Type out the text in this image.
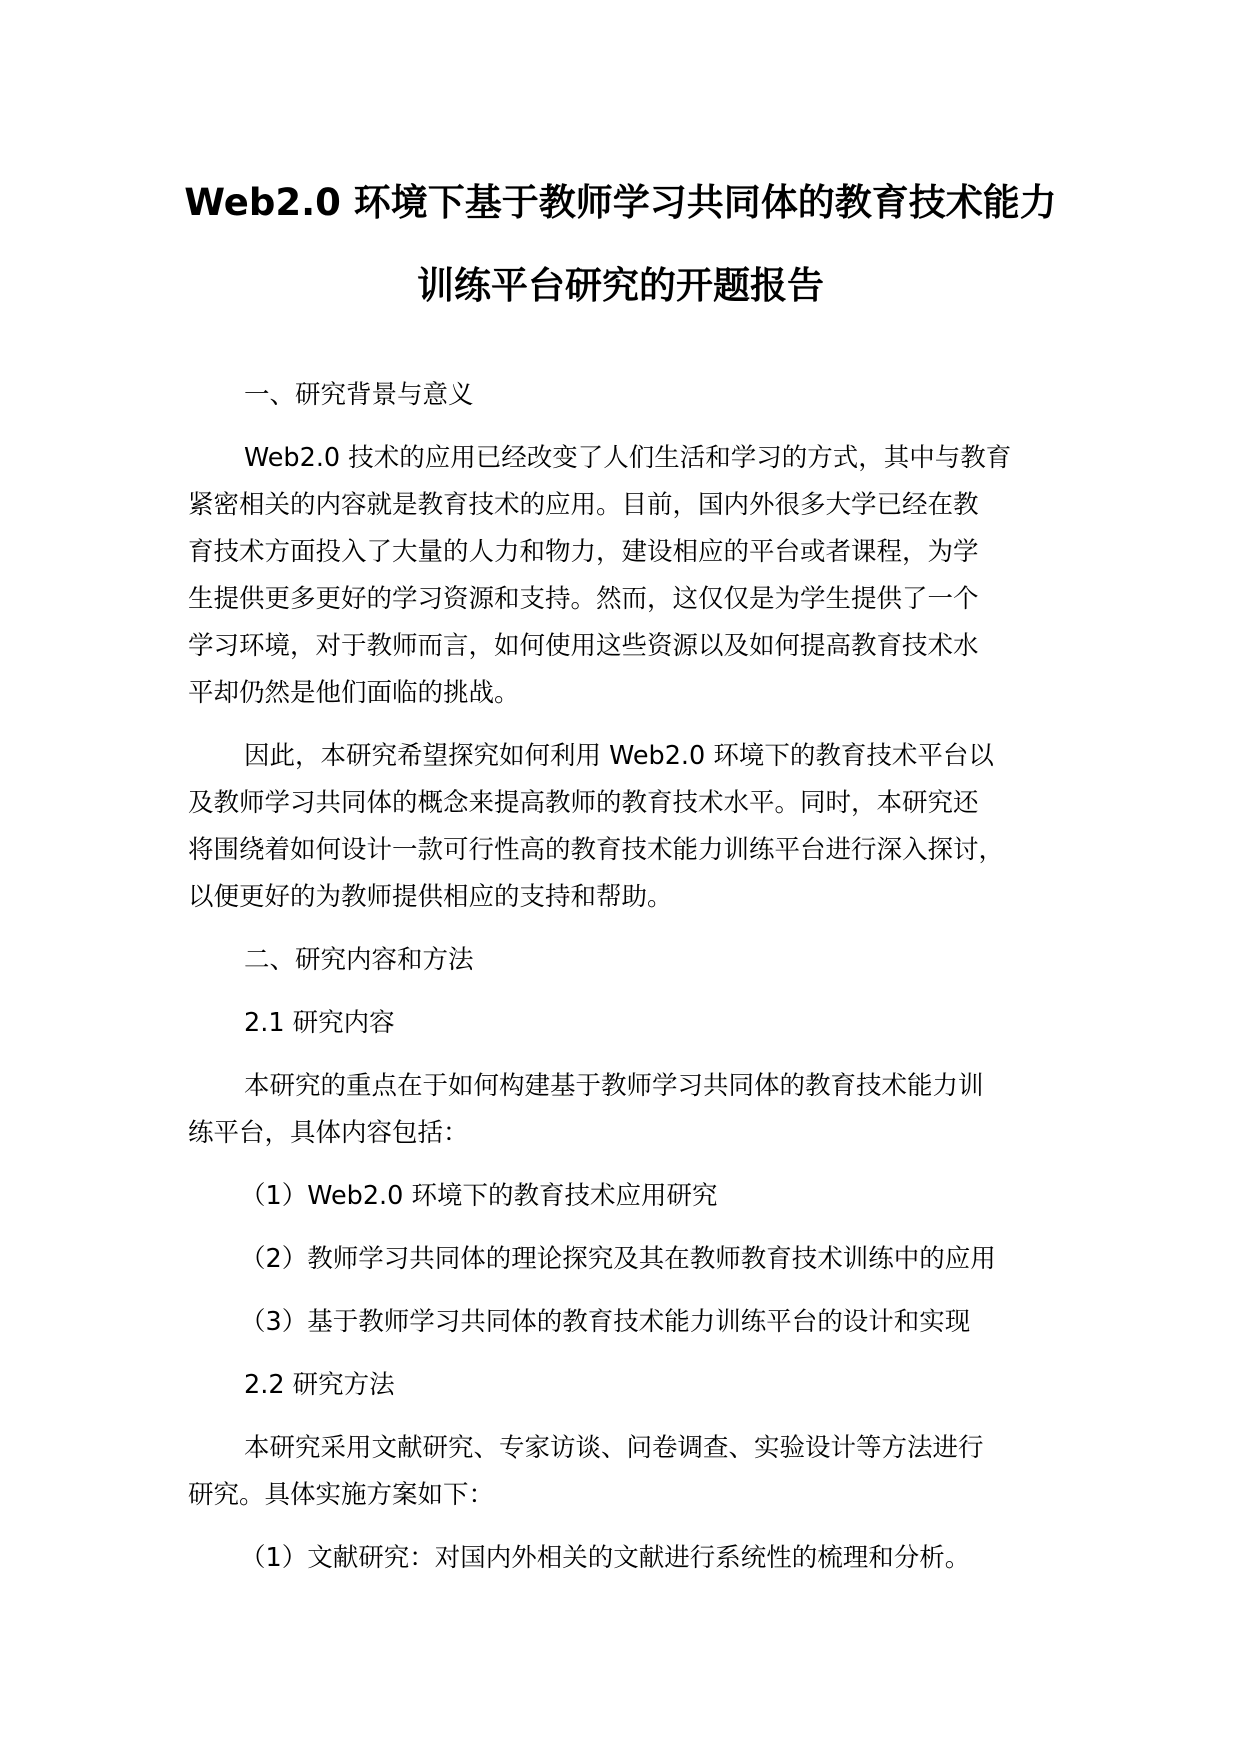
Web2.0 环境下基于教师学习共同体的教育技术能力
训练平台研究的开题报告

一、研究背景与意义

Web2.0 技术的应用已经改变了人们生活和学习的方式，其中与教育

紧密相关的内容就是教育技术的应用。目前，国内外很多大学已经在教

育技术方面投入了大量的人力和物力，建设相应的平台或者课程，为学

生提供更多更好的学习资源和支持。然而，这仅仅是为学生提供了一个

学习环境，对于教师而言，如何使用这些资源以及如何提高教育技术水

平却仍然是他们面临的挑战。

因此，本研究希望探究如何利用 Web2.0 环境下的教育技术平台以

及教师学习共同体的概念来提高教师的教育技术水平。同时，本研究还

将围绕着如何设计一款可行性高的教育技术能力训练平台进行深入探讨，

以便更好的为教师提供相应的支持和帮助。

二、研究内容和方法

2.1 研究内容

本研究的重点在于如何构建基于教师学习共同体的教育技术能力训

练平台，具体内容包括：

（1）Web2.0 环境下的教育技术应用研究

（2）教师学习共同体的理论探究及其在教师教育技术训练中的应用

（3）基于教师学习共同体的教育技术能力训练平台的设计和实现

2.2 研究方法

本研究采用文献研究、专家访谈、问卷调查、实验设计等方法进行

研究。具体实施方案如下：

（1）文献研究：对国内外相关的文献进行系统性的梳理和分析。
